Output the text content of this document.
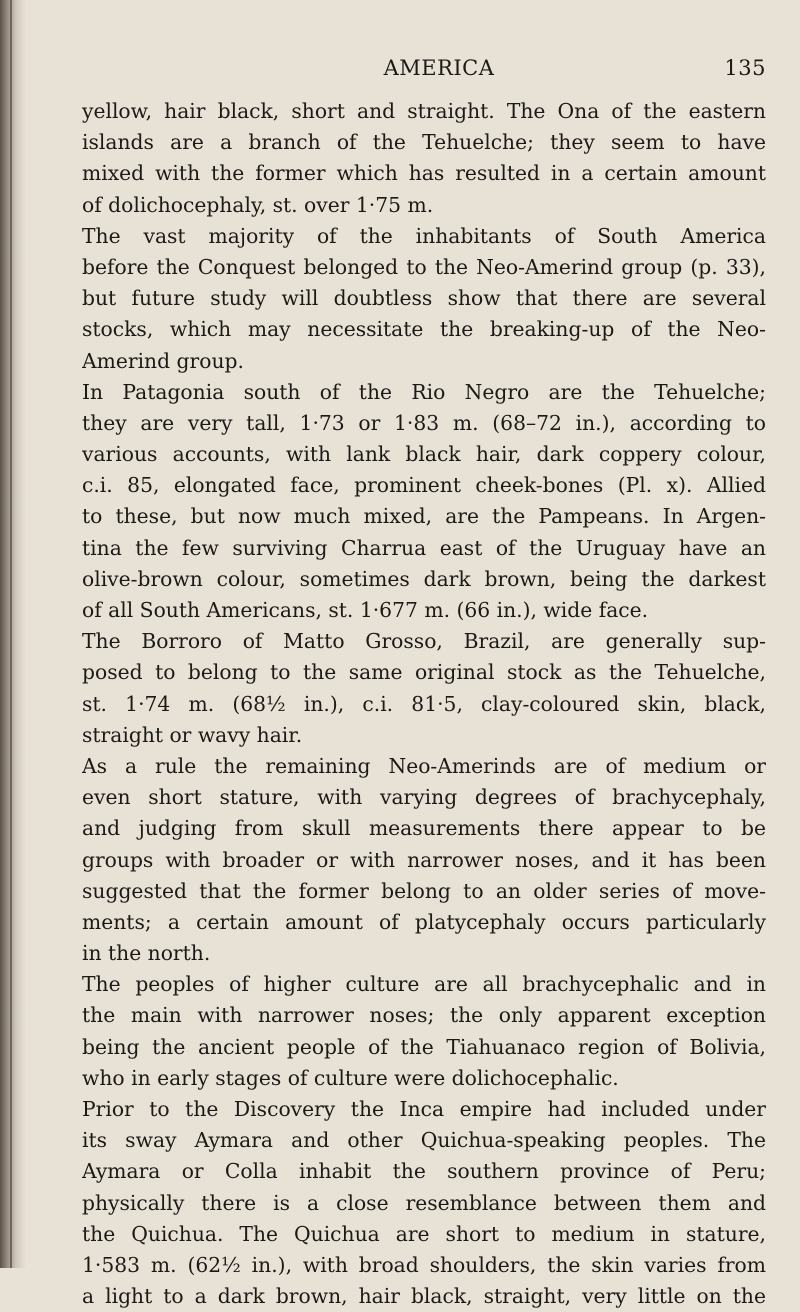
AMERICA	135
yellow, hair black, short and straight. The Ona of the eastern
islands are a branch of the Tehuelche; they seem to have
mixed with the former which has resulted in a certain amount
of dolichocephaly, st. over 1·75 m.
The vast majority of the inhabitants of South America
before the Conquest belonged to the Neo-Amerind group (p. 33),
but future study will doubtless show that there are several
stocks, which may necessitate the breaking-up of the Neo-
Amerind group.
In Patagonia south of the Rio Negro are the Tehuelche;
they are very tall, 1·73 or 1·83 m. (68–72 in.), according to
various accounts, with lank black hair, dark coppery colour,
c.i. 85, elongated face, prominent cheek-bones (Pl. x). Allied
to these, but now much mixed, are the Pampeans. In Argen-
tina the few surviving Charrua east of the Uruguay have an
olive-brown colour, sometimes dark brown, being the darkest
of all South Americans, st. 1·677 m. (66 in.), wide face.
The Borroro of Matto Grosso, Brazil, are generally sup-
posed to belong to the same original stock as the Tehuelche,
st. 1·74 m. (68½ in.), c.i. 81·5, clay-coloured skin, black,
straight or wavy hair.
As a rule the remaining Neo-Amerinds are of medium or
even short stature, with varying degrees of brachycephaly,
and judging from skull measurements there appear to be
groups with broader or with narrower noses, and it has been
suggested that the former belong to an older series of move-
ments; a certain amount of platycephaly occurs particularly
in the north.
The peoples of higher culture are all brachycephalic and in
the main with narrower noses; the only apparent exception
being the ancient people of the Tiahuanaco region of Bolivia,
who in early stages of culture were dolichocephalic.
Prior to the Discovery the Inca empire had included under
its sway Aymara and other Quichua-speaking peoples. The
Aymara or Colla inhabit the southern province of Peru;
physically there is a close resemblance between them and
the Quichua. The Quichua are short to medium in stature,
1·583 m. (62½ in.), with broad shoulders, the skin varies from
a light to a dark brown, hair black, straight, very little on the
